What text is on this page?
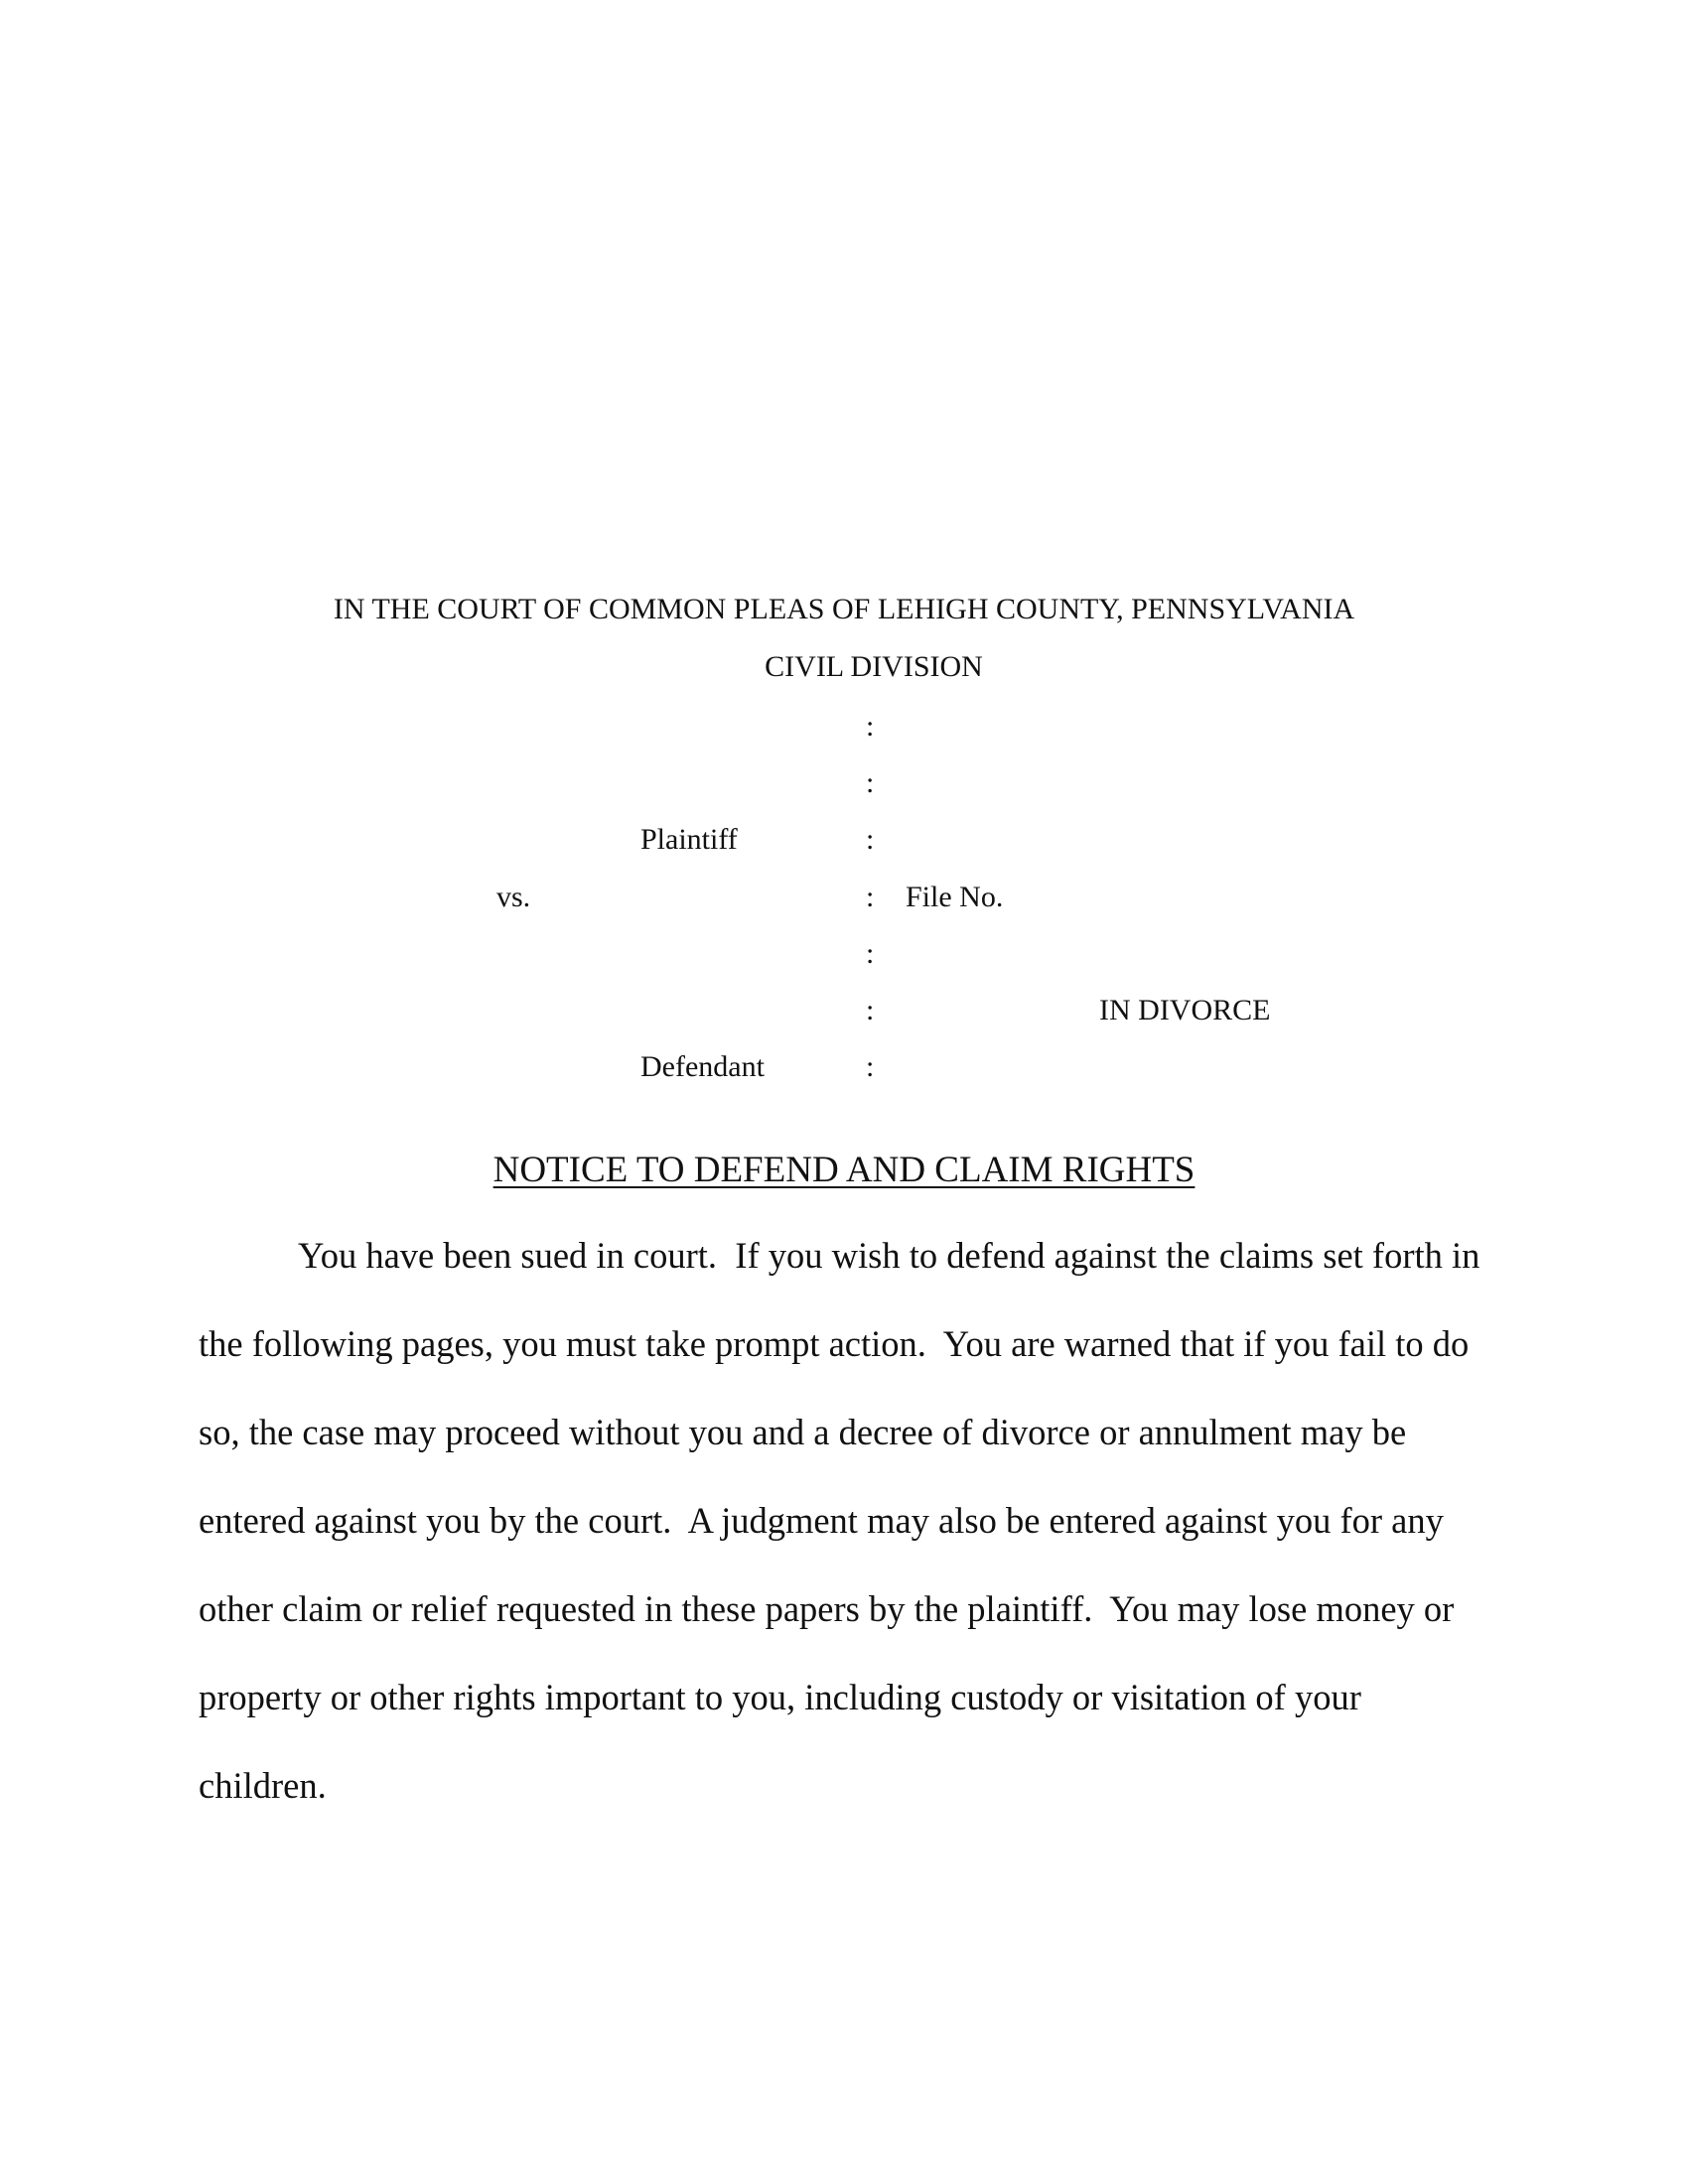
IN THE COURT OF COMMON PLEAS OF LEHIGH COUNTY, PENNSYLVANIA
CIVIL DIVISION
:
:
:
:
:
:
:
Plaintiff
vs.	File No.
IN DIVORCE
Defendant
NOTICE TO DEFEND AND CLAIM RIGHTS

You have been sued in court.  If you wish to defend against the claims set forth in the following pages, you must take prompt action.  You are warned that if you fail to do so, the case may proceed without you and a decree of divorce or annulment may be entered against you by the court.  A judgment may also be entered against you for any other claim or relief requested in these papers by the plaintiff.  You may lose money or property or other rights important to you, including custody or visitation of your children.
